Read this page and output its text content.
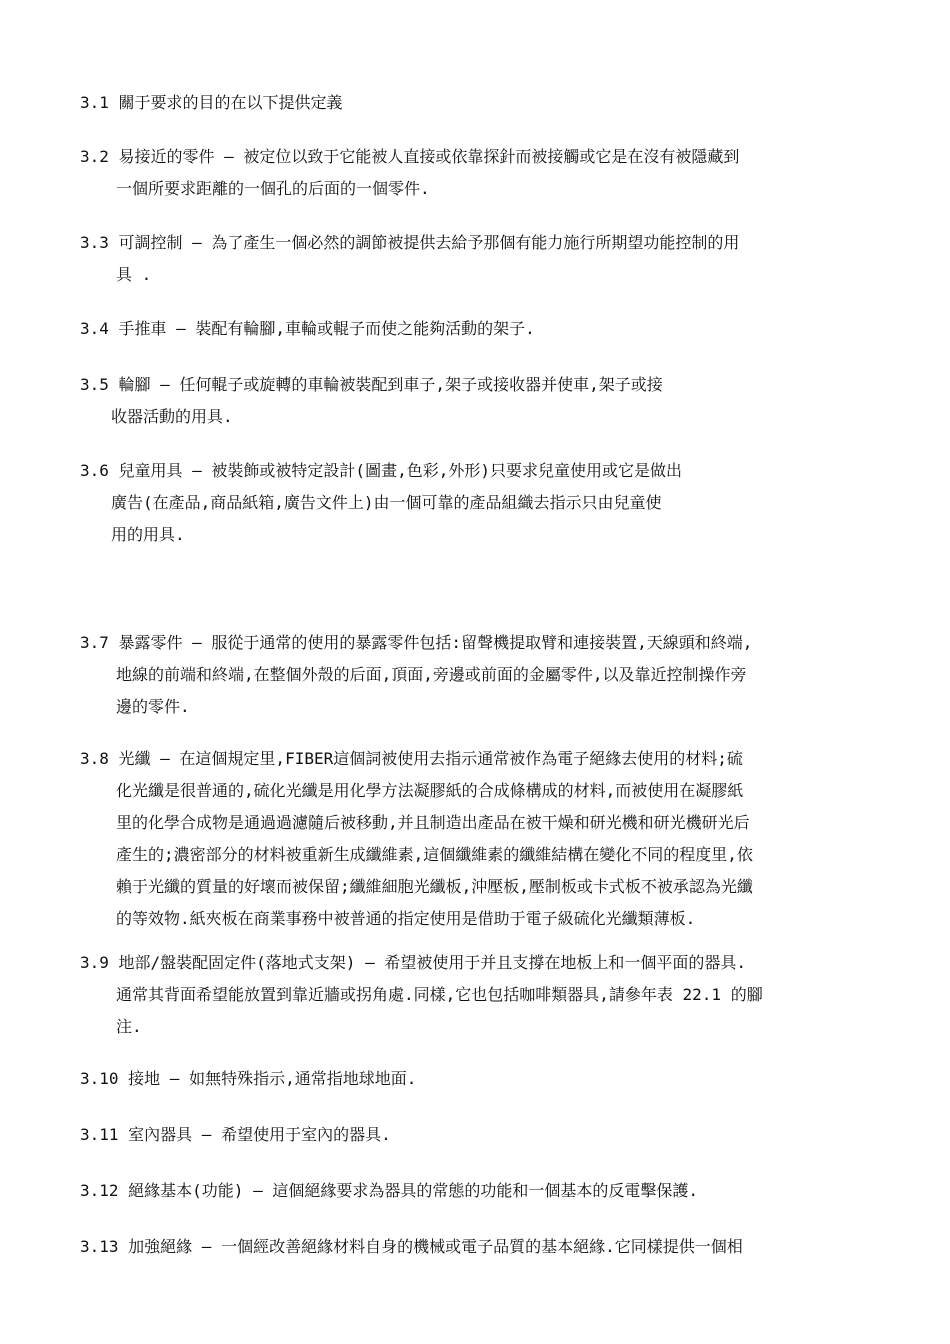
3.1 關于要求的目的在以下提供定義
3.2 易接近的零件 – 被定位以致于它能被人直接或依靠探針而被接觸或它是在沒有被隱藏到
一個所要求距離的一個孔的后面的一個零件.
3.3 可調控制 – 為了產生一個必然的調節被提供去給予那個有能力施行所期望功能控制的用
具 .
3.4 手推車 – 裝配有輪腳,車輪或輥子而使之能夠活動的架子.
3.5 輪腳 – 任何輥子或旋轉的車輪被裝配到車子,架子或接收器并使車,架子或接
收器活動的用具.
3.6 兒童用具 – 被裝飾或被特定設計(圖畫,色彩,外形)只要求兒童使用或它是做出
廣告(在產品,商品紙箱,廣告文件上)由一個可靠的產品組織去指示只由兒童使
用的用具.
3.7 暴露零件 – 服從于通常的使用的暴露零件包括:留聲機提取臂和連接裝置,天線頭和終端,
地線的前端和終端,在整個外殼的后面,頂面,旁邊或前面的金屬零件,以及靠近控制操作旁
邊的零件.
3.8 光纖 – 在這個規定里,FIBER這個詞被使用去指示通常被作為電子絕緣去使用的材料;硫
化光纖是很普通的,硫化光纖是用化學方法凝膠紙的合成條構成的材料,而被使用在凝膠紙
里的化學合成物是通過過濾隨后被移動,并且制造出產品在被干燥和研光機和研光機研光后
產生的;濃密部分的材料被重新生成纖維素,這個纖維素的纖維結構在變化不同的程度里,依
賴于光纖的質量的好壞而被保留;纖維細胞光纖板,沖壓板,壓制板或卡式板不被承認為光纖
的等效物.紙夾板在商業事務中被普通的指定使用是借助于電子級硫化光纖類薄板.
3.9 地部/盤裝配固定件(落地式支架) – 希望被使用于并且支撐在地板上和一個平面的器具.
通常其背面希望能放置到靠近牆或拐角處.同樣,它也包括咖啡類器具,請參年表 22.1 的腳
注.
3.10 接地 – 如無特殊指示,通常指地球地面.
3.11 室內器具 – 希望使用于室內的器具.
3.12 絕緣基本(功能) – 這個絕緣要求為器具的常態的功能和一個基本的反電擊保護.
3.13 加強絕緣 – 一個經改善絕緣材料自身的機械或電子品質的基本絕緣.它同樣提供一個相
